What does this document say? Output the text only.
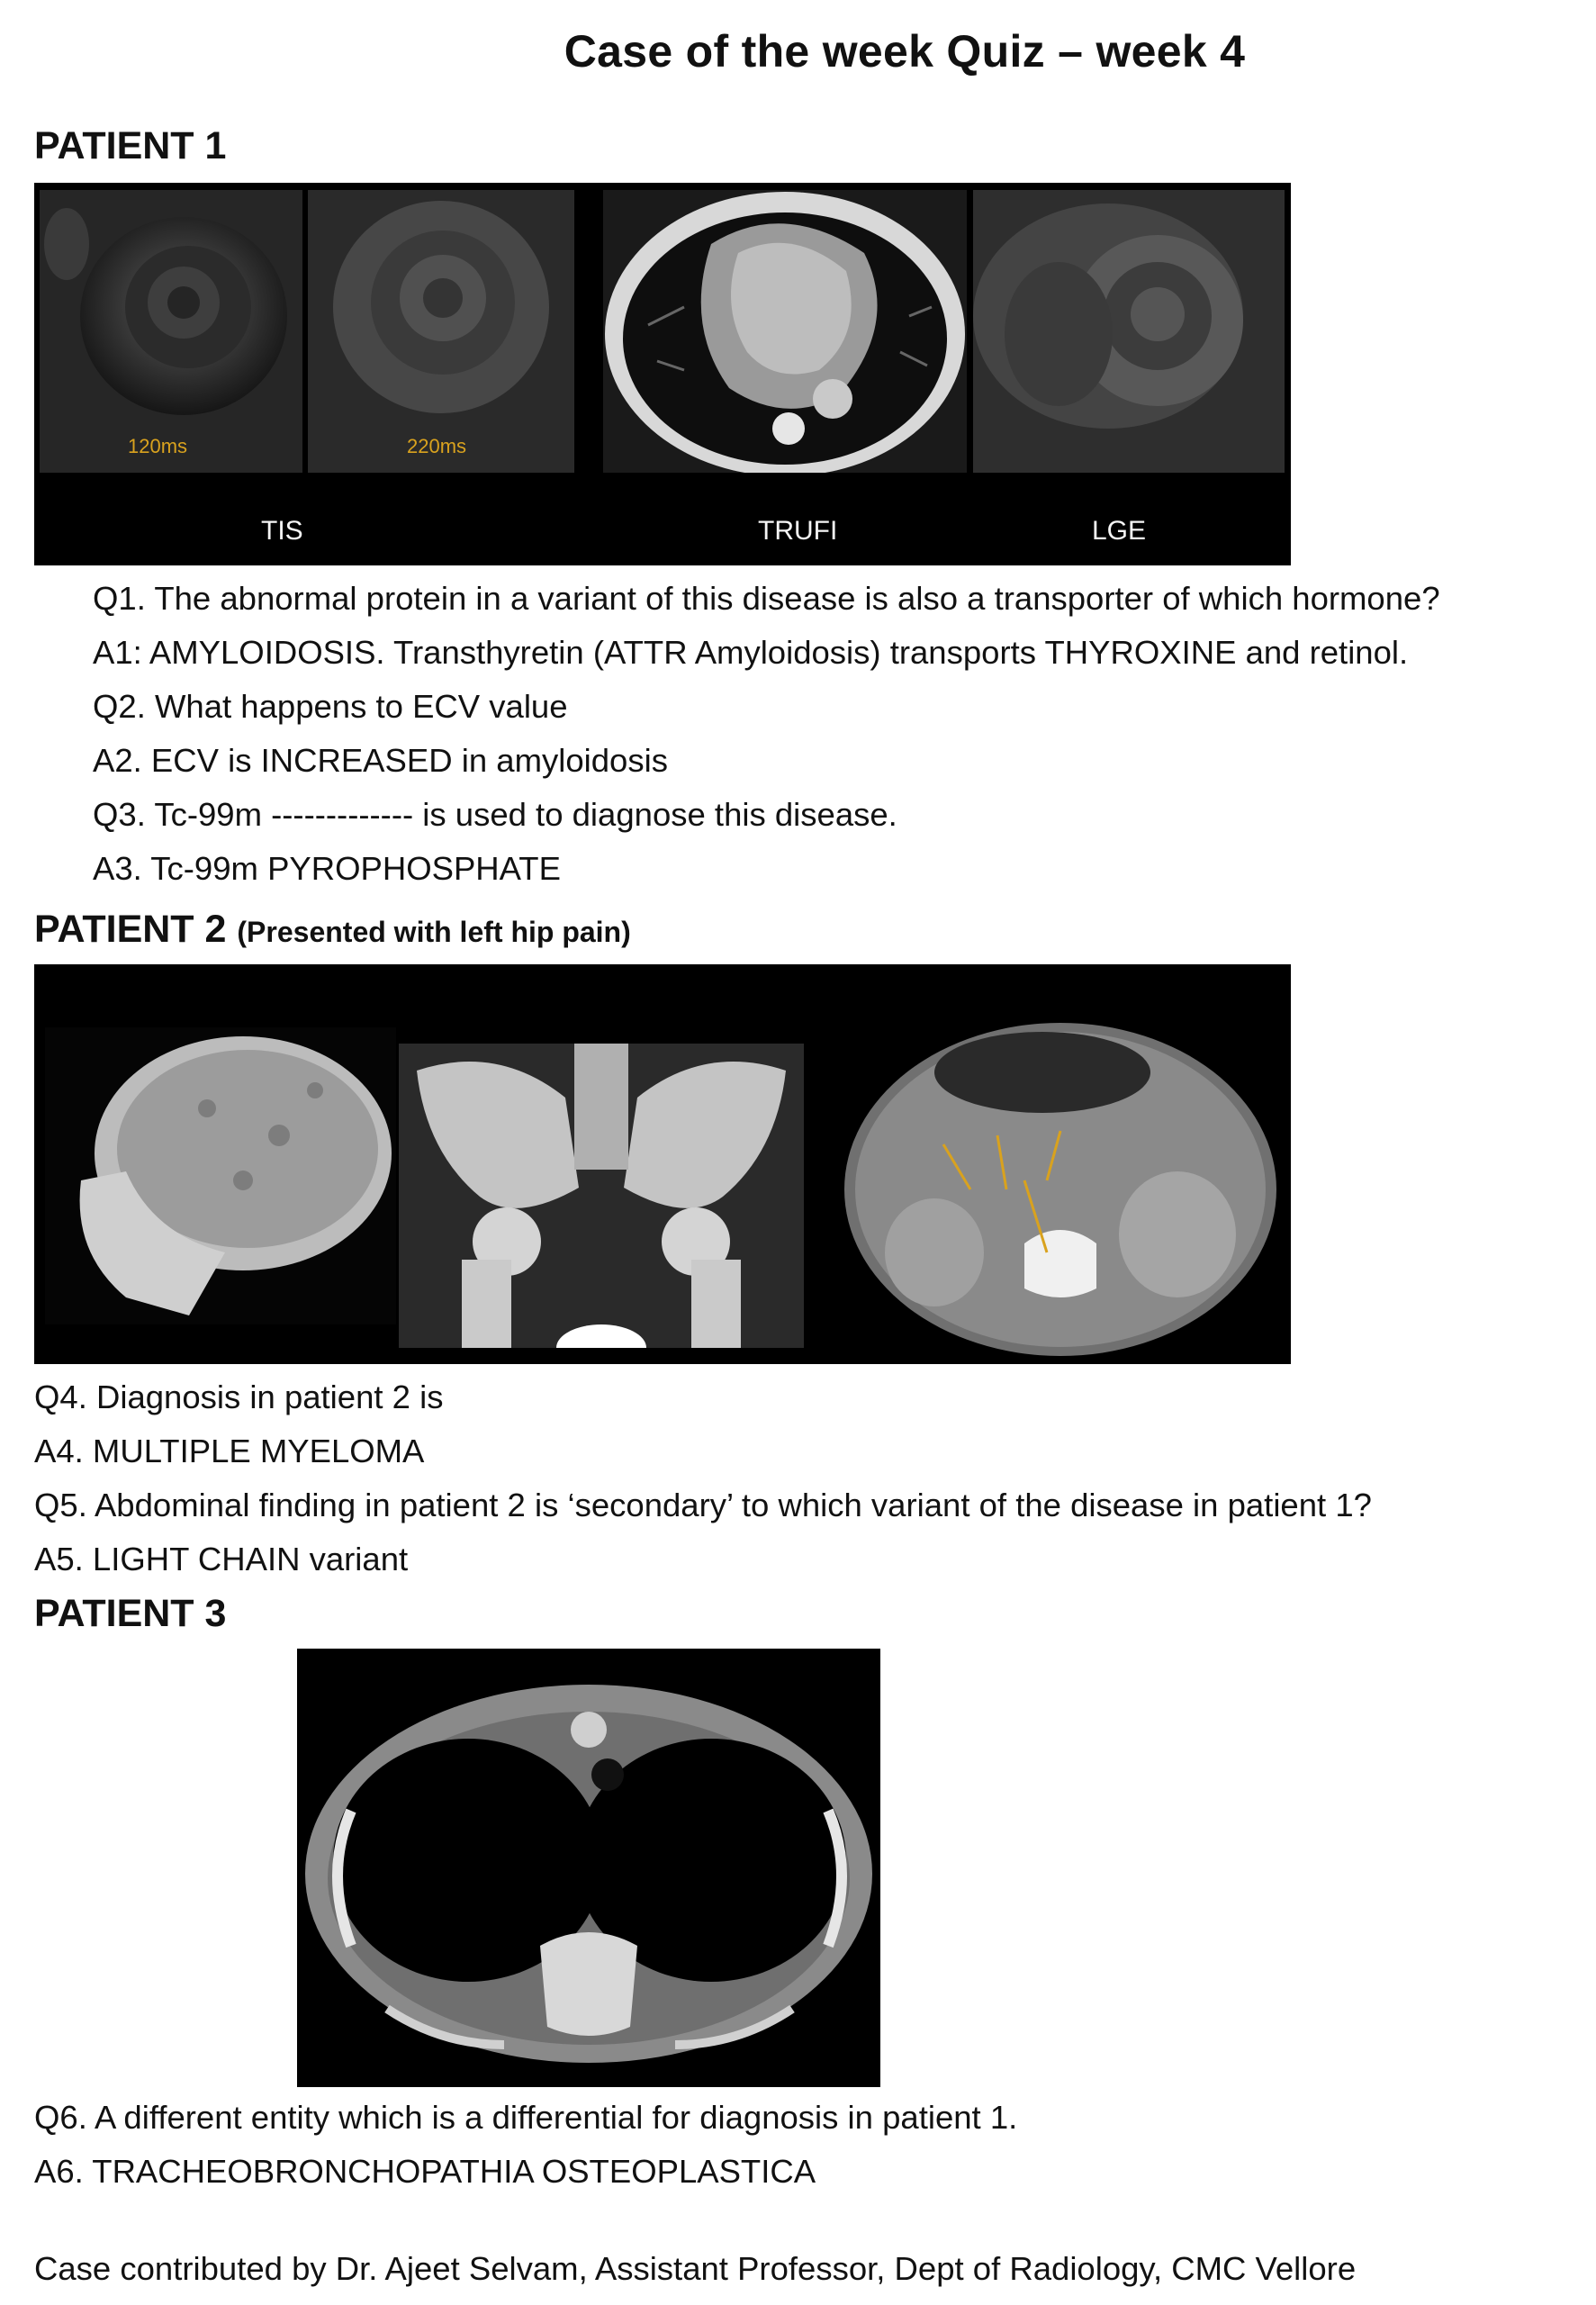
Case of the week Quiz – week 4
PATIENT 1
120ms	220ms
TIS	TRUFI	LGE
Q1. The abnormal protein in a variant of this disease is also a transporter of which hormone?
A1: AMYLOIDOSIS. Transthyretin (ATTR Amyloidosis) transports THYROXINE and retinol.
Q2. What happens to ECV value
A2. ECV is INCREASED in amyloidosis
Q3. Tc-99m ------------- is used to diagnose this disease.
A3. Tc-99m PYROPHOSPHATE
PATIENT 2 (Presented with left hip pain)
Q4. Diagnosis in patient 2 is
A4. MULTIPLE MYELOMA
Q5. Abdominal finding in patient 2 is ‘secondary’ to which variant of the disease in patient 1?
A5. LIGHT CHAIN variant
PATIENT 3
Q6. A different entity which is a differential for diagnosis in patient 1.
A6. TRACHEOBRONCHOPATHIA OSTEOPLASTICA
Case contributed by Dr. Ajeet Selvam, Assistant Professor, Dept of Radiology, CMC Vellore
